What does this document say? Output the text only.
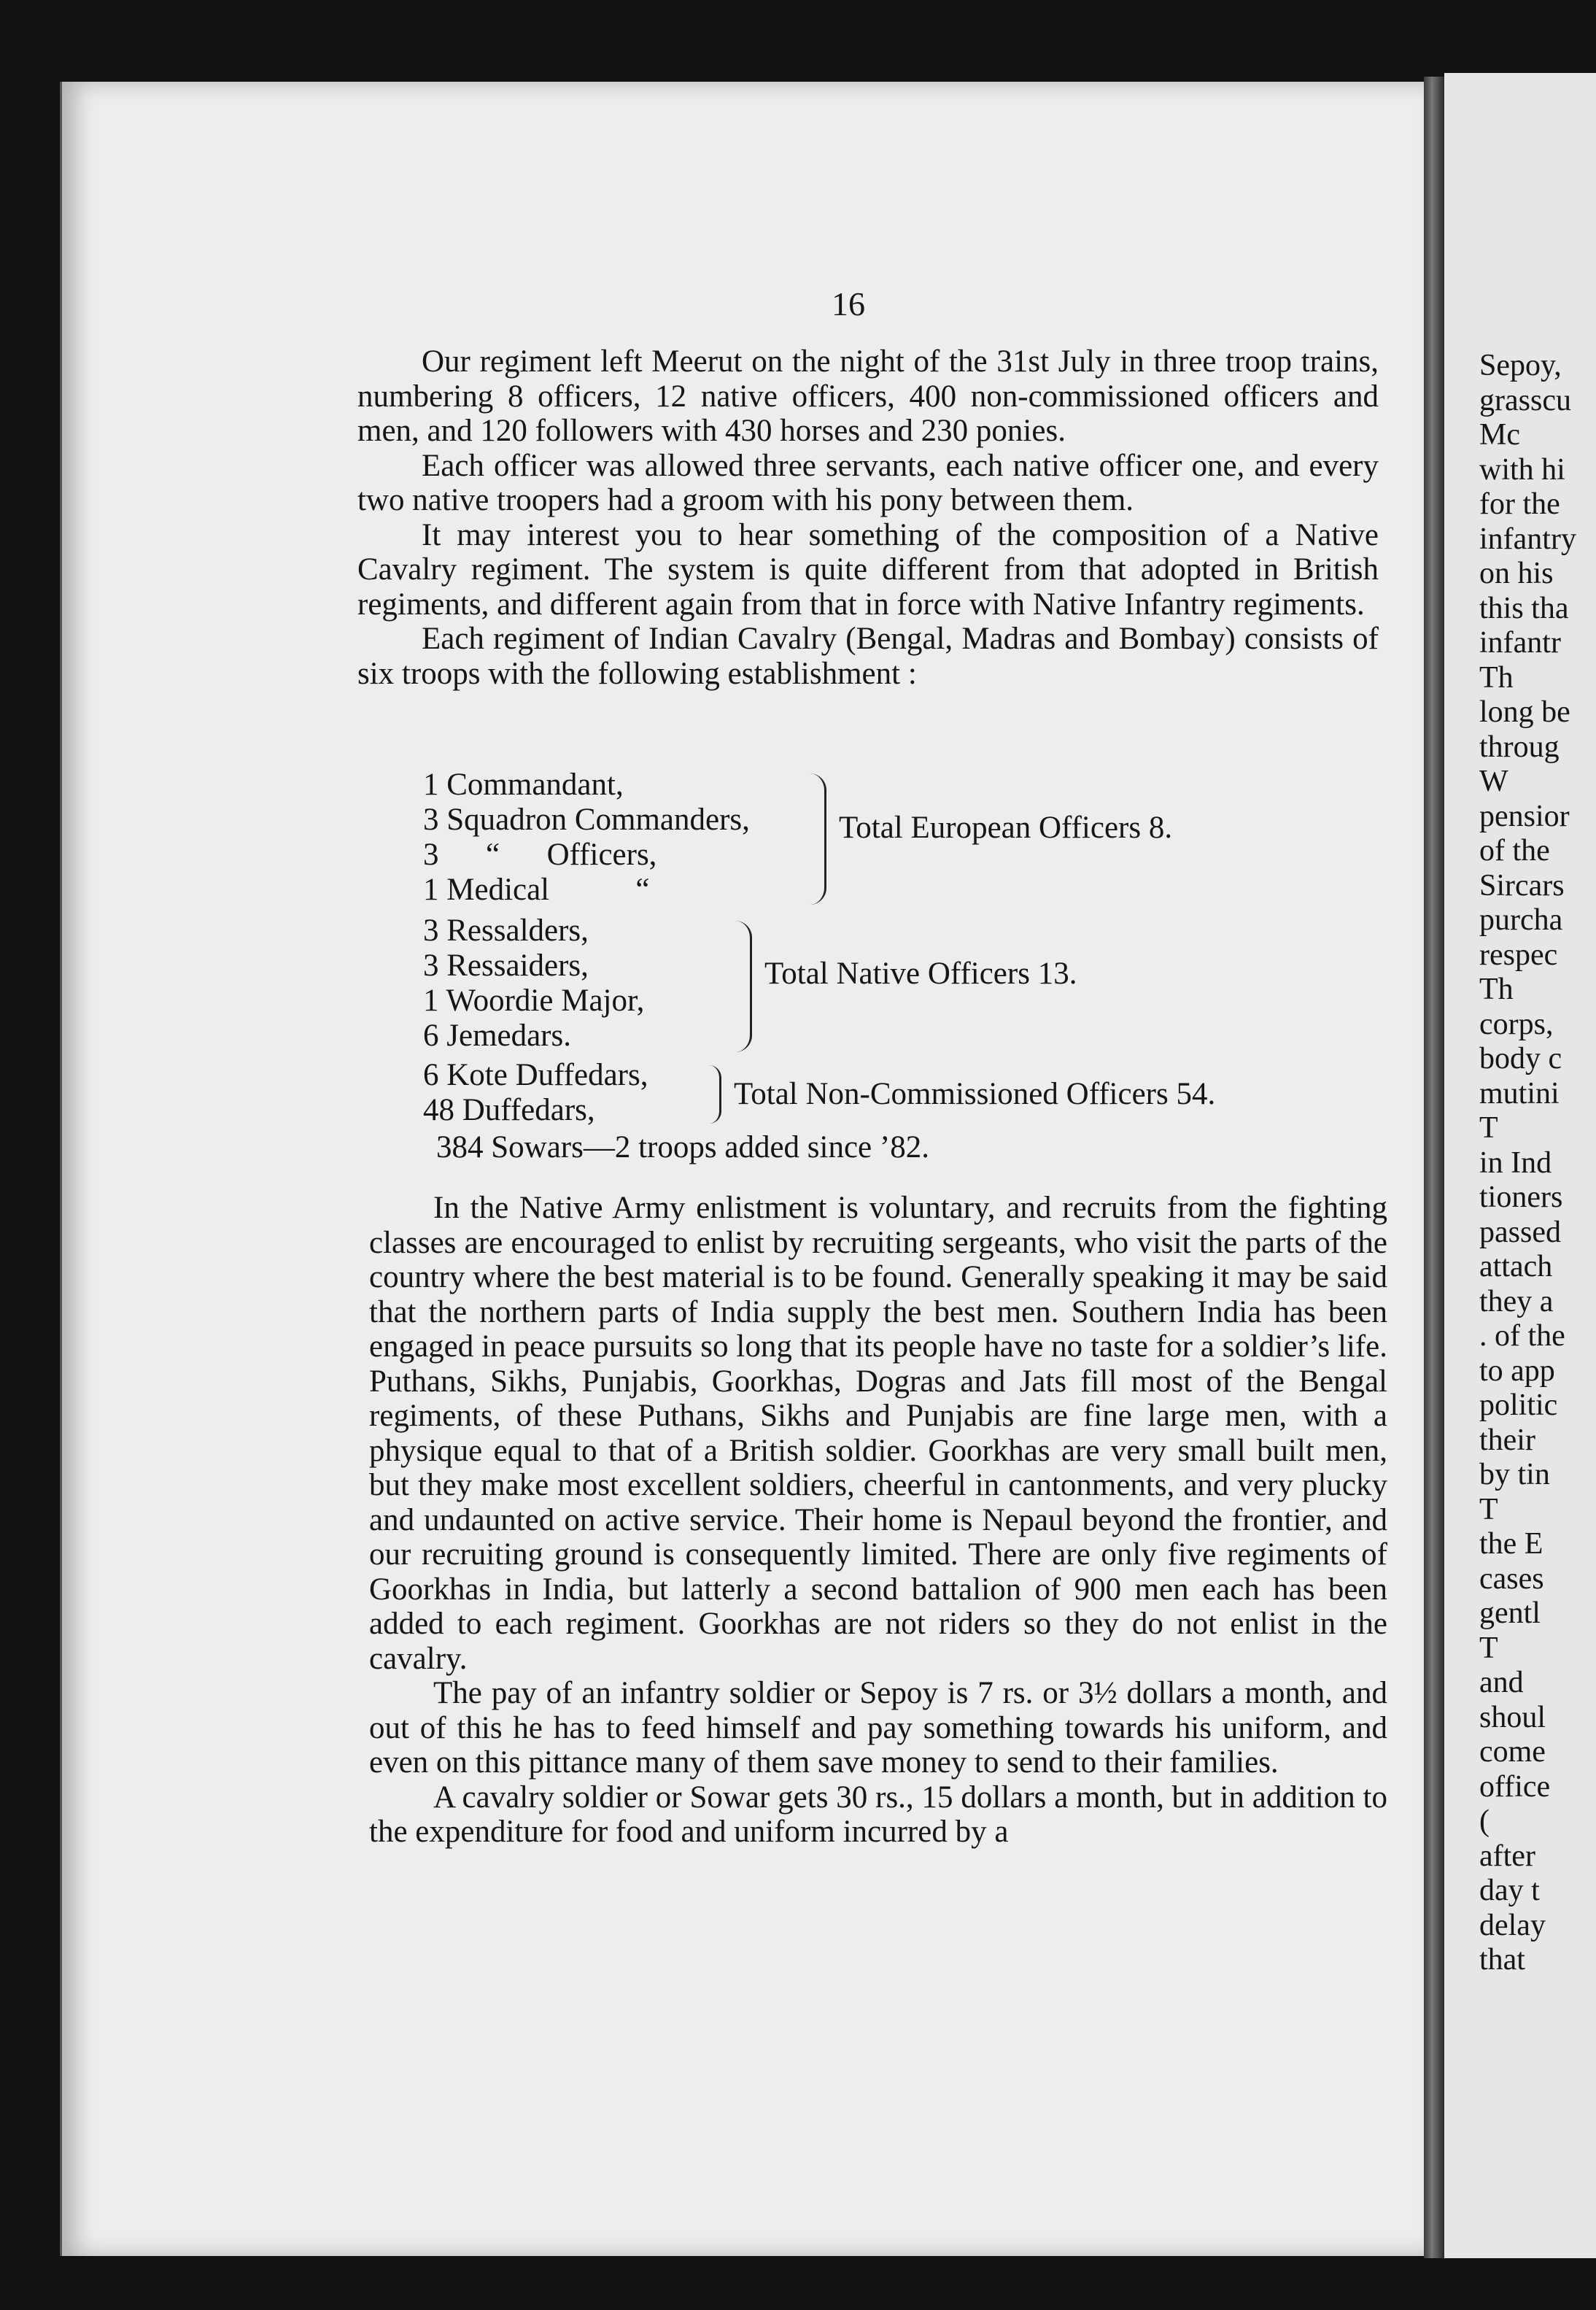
16

Our regiment left Meerut on the night of the 31st July in three troop trains, numbering 8 officers, 12 native officers, 400 non-commissioned officers and men, and 120 followers with 430 horses and 230 ponies.

Each officer was allowed three servants, each native officer one, and every two native troopers had a groom with his pony between them.

It may interest you to hear something of the composition of a Native Cavalry regiment. The system is quite different from that adopted in British regiments, and different again from that in force with Native Infantry regiments.

Each regiment of Indian Cavalry (Bengal, Madras and Bombay) consists of six troops with the following establishment :

1 Commandant,
3 Squadron Commanders,
3      “      Officers,
1 Medical           “
Total European Officers 8.
3 Ressalders,
3 Ressaiders,
1 Woordie Major,
6 Jemedars.
Total Native Officers 13.
6 Kote Duffedars,
48 Duffedars,	Total Non-Commissioned Officers 54.
384 Sowars—2 troops added since ’82.

In the Native Army enlistment is voluntary, and recruits from the fighting classes are encouraged to enlist by recruiting sergeants, who visit the parts of the country where the best material is to be found. Generally speaking it may be said that the northern parts of India supply the best men. Southern India has been engaged in peace pursuits so long that its people have no taste for a soldier’s life. Puthans, Sikhs, Punjabis, Goorkhas, Dogras and Jats fill most of the Bengal regiments, of these Puthans, Sikhs and Punjabis are fine large men, with a physique equal to that of a British soldier. Goorkhas are very small built men, but they make most excellent soldiers, cheerful in cantonments, and very plucky and undaunted on active service. Their home is Nepaul beyond the frontier, and our recruiting ground is consequently limited. There are only five regiments of Goorkhas in India, but latterly a second battalion of 900 men each has been added to each regiment. Goorkhas are not riders so they do not enlist in the cavalry.

The pay of an infantry soldier or Sepoy is 7 rs. or 3½ dollars a month, and out of this he has to feed himself and pay something towards his uniform, and even on this pittance many of them save money to send to their families.

A cavalry soldier or Sowar gets 30 rs., 15 dollars a month, but in addition to the expenditure for food and uniform incurred by a

Sepoy,
grasscu
Mc
with hi
for the
infantry
on his
this tha
infantr
Th
long be
throug
W
pensior
of the
Sircars
purcha
respec
Th
corps,
body c
mutini
T
in Ind
tioners
passed
attach
they a
. of the
to app
politic
their
by tin
T
the E
cases
gentl
T
and
shoul
come
office
(
after
day t
delay
that
